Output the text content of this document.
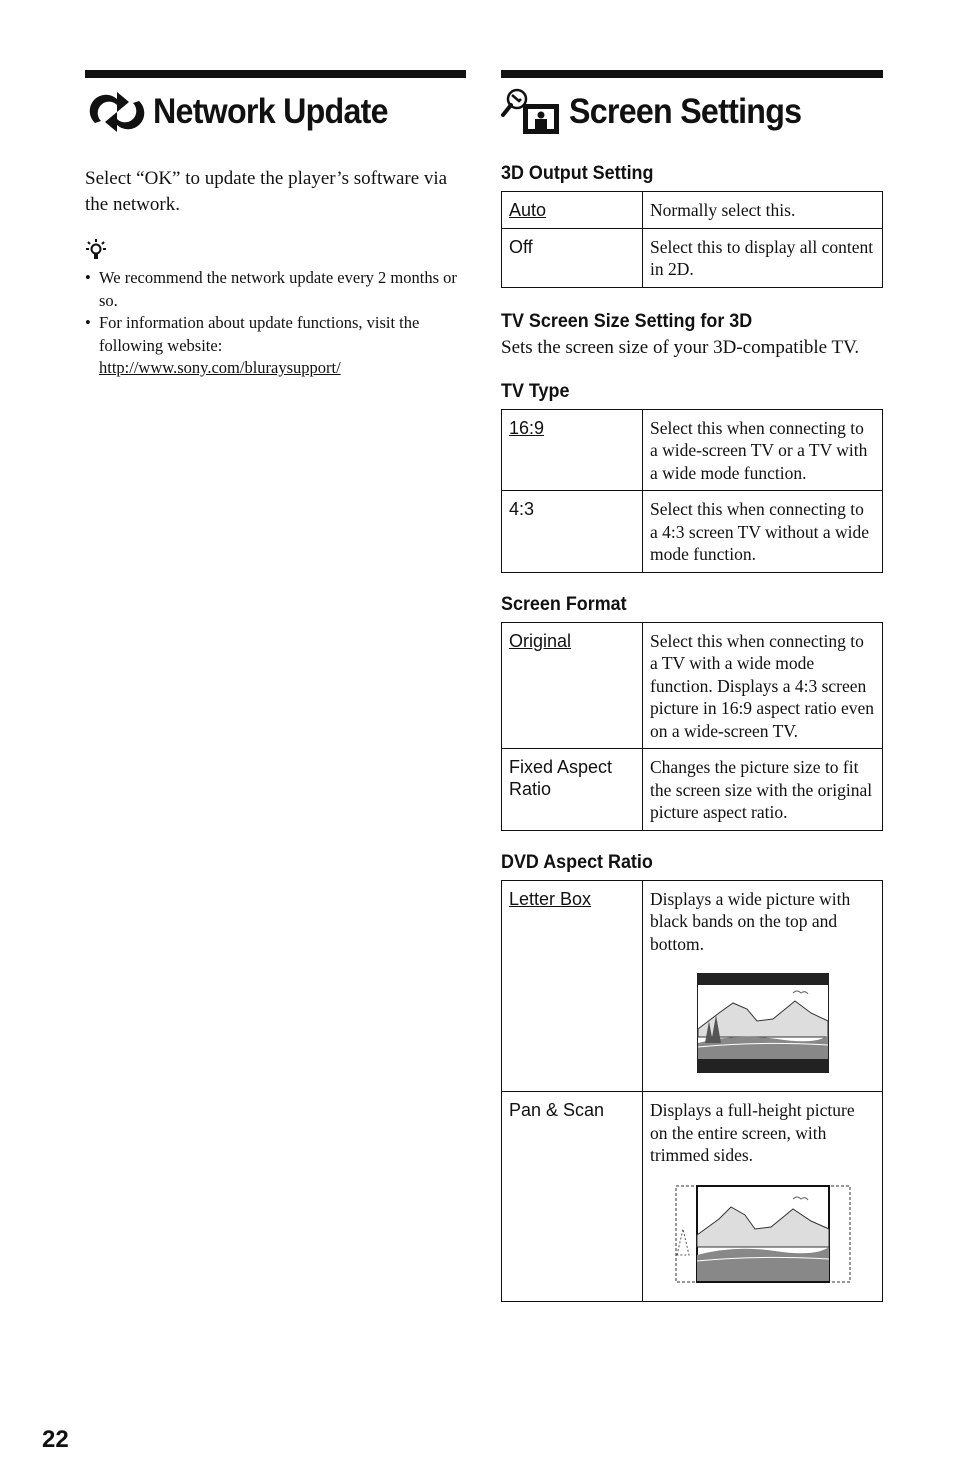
Network Update
Select “OK” to update the player’s software via the network.
• We recommend the network update every 2 months or so.
• For information about update functions, visit the following website:
http://www.sony.com/bluraysupport/
Screen Settings
3D Output Setting
Auto	Normally select this.
Off	Select this to display all content in 2D.
TV Screen Size Setting for 3D
Sets the screen size of your 3D-compatible TV.
TV Type
16:9	Select this when connecting to a wide-screen TV or a TV with a wide mode function.
4:3	Select this when connecting to a 4:3 screen TV without a wide mode function.
Screen Format
Original	Select this when connecting to a TV with a wide mode function. Displays a 4:3 screen picture in 16:9 aspect ratio even on a wide-screen TV.
Fixed Aspect Ratio	Changes the picture size to fit the screen size with the original picture aspect ratio.
DVD Aspect Ratio
Letter Box	Displays a wide picture with black bands on the top and bottom.

Pan & Scan	Displays a full-height picture on the entire screen, with trimmed sides.
22
